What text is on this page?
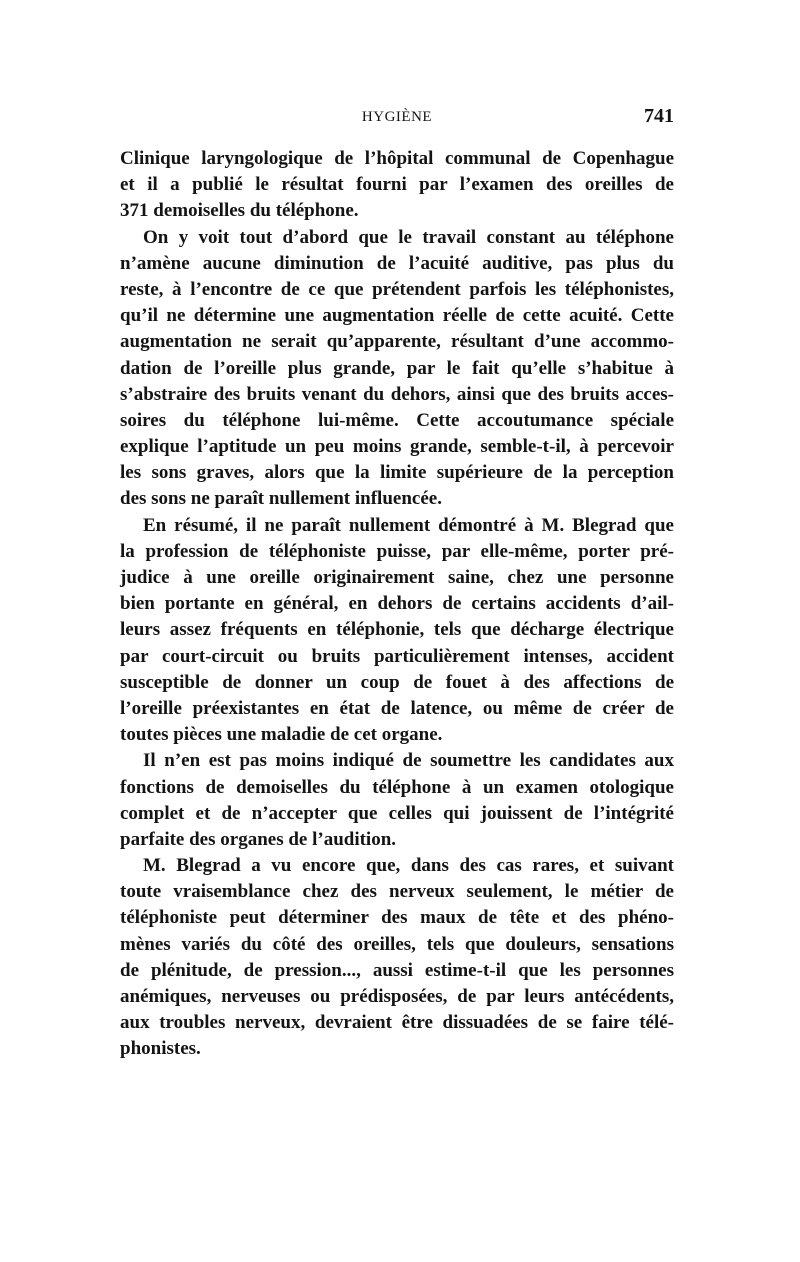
HYGIÈNE	741
Clinique laryngologique de l’hôpital communal de Copenhague
et il a publié le résultat fourni par l’examen des oreilles de
371 demoiselles du téléphone.
On y voit tout d’abord que le travail constant au téléphone
n’amène aucune diminution de l’acuité auditive, pas plus du
reste, à l’encontre de ce que prétendent parfois les téléphonistes,
qu’il ne détermine une augmentation réelle de cette acuité. Cette
augmentation ne serait qu’apparente, résultant d’une accommo-
dation de l’oreille plus grande, par le fait qu’elle s’habitue à
s’abstraire des bruits venant du dehors, ainsi que des bruits acces-
soires du téléphone lui-même. Cette accoutumance spéciale
explique l’aptitude un peu moins grande, semble-t-il, à percevoir
les sons graves, alors que la limite supérieure de la perception
des sons ne paraît nullement influencée.
En résumé, il ne paraît nullement démontré à M. Blegrad que
la profession de téléphoniste puisse, par elle-même, porter pré-
judice à une oreille originairement saine, chez une personne
bien portante en général, en dehors de certains accidents d’ail-
leurs assez fréquents en téléphonie, tels que décharge électrique
par court-circuit ou bruits particulièrement intenses, accident
susceptible de donner un coup de fouet à des affections de
l’oreille préexistantes en état de latence, ou même de créer de
toutes pièces une maladie de cet organe.
Il n’en est pas moins indiqué de soumettre les candidates aux
fonctions de demoiselles du téléphone à un examen otologique
complet et de n’accepter que celles qui jouissent de l’intégrité
parfaite des organes de l’audition.
M. Blegrad a vu encore que, dans des cas rares, et suivant
toute vraisemblance chez des nerveux seulement, le métier de
téléphoniste peut déterminer des maux de tête et des phéno-
mènes variés du côté des oreilles, tels que douleurs, sensations
de plénitude, de pression..., aussi estime-t-il que les personnes
anémiques, nerveuses ou prédisposées, de par leurs antécédents,
aux troubles nerveux, devraient être dissuadées de se faire télé-
phonistes.
